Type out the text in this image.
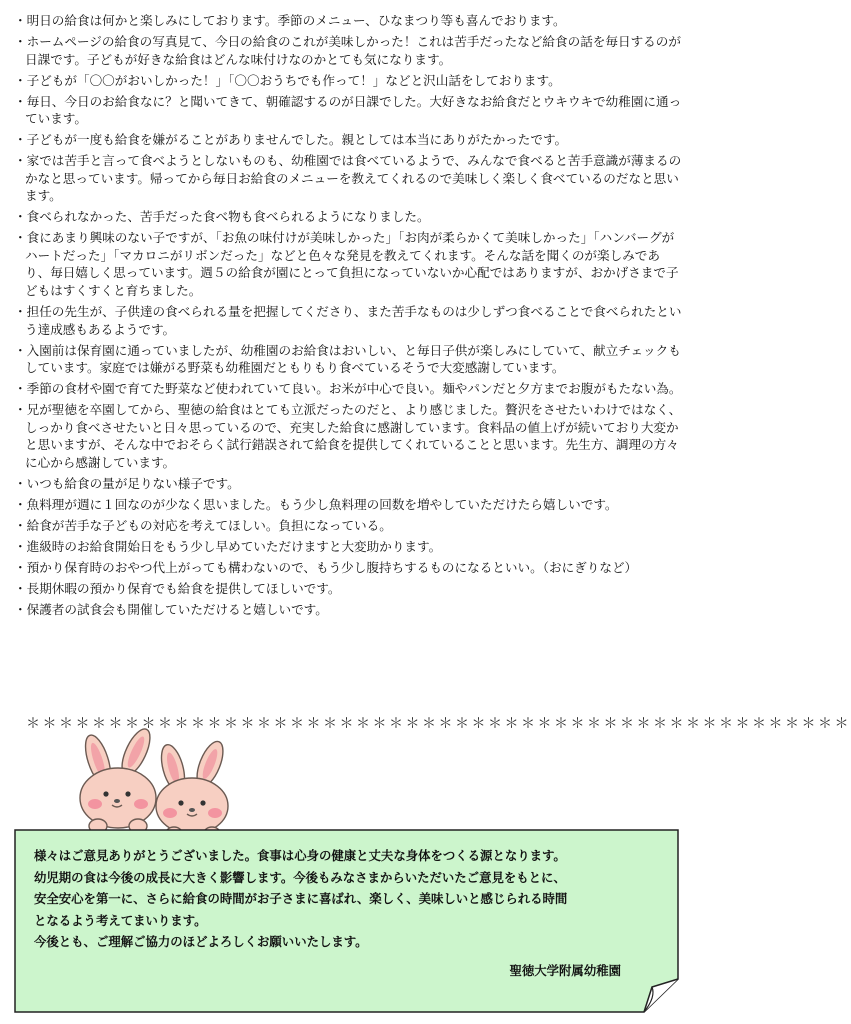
・明日の給食は何かと楽しみにしております。季節のメニュー、ひなまつり等も喜んでおります。

・ホームページの給食の写真見て、今日の給食のこれが美味しかった！これは苦手だったなど給食の話を毎日するのが日課です。子どもが好きな給食はどんな味付けなのかとても気になります。

・子どもが「〇〇がおいしかった！」「〇〇おうちでも作って！」などと沢山話をしております。

・毎日、今日のお給食なに？と聞いてきて、朝確認するのが日課でした。大好きなお給食だとウキウキで幼稚園に通っています。

・子どもが一度も給食を嫌がることがありませんでした。親としては本当にありがたかったです。

・家では苦手と言って食べようとしないものも、幼稚園では食べているようで、みんなで食べると苦手意識が薄まるのかなと思っています。帰ってから毎日お給食のメニューを教えてくれるので美味しく楽しく食べているのだなと思います。

・食べられなかった、苦手だった食べ物も食べられるようになりました。

・食にあまり興味のない子ですが、「お魚の味付けが美味しかった」「お肉が柔らかくて美味しかった」「ハンバーグがハートだった」「マカロニがリボンだった」などと色々な発見を教えてくれます。そんな話を聞くのが楽しみであり、毎日嬉しく思っています。週５の給食が園にとって負担になっていないか心配ではありますが、おかげさまで子どもはすくすくと育ちました。

・担任の先生が、子供達の食べられる量を把握してくださり、また苦手なものは少しずつ食べることで食べられたという達成感もあるようです。

・入園前は保育園に通っていましたが、幼稚園のお給食はおいしい、と毎日子供が楽しみにしていて、献立チェックもしています。家庭では嫌がる野菜も幼稚園だともりもり食べているそうで大変感謝しています。

・季節の食材や園で育てた野菜など使われていて良い。お米が中心で良い。麺やパンだと夕方までお腹がもたない為。

・兄が聖徳を卒園してから、聖徳の給食はとても立派だったのだと、より感じました。贅沢をさせたいわけではなく、しっかり食べさせたいと日々思っているので、充実した給食に感謝しています。食料品の値上げが続いており大変かと思いますが、そんな中でおそらく試行錯誤されて給食を提供してくれていることと思います。先生方、調理の方々に心から感謝しています。

・いつも給食の量が足りない様子です。

・魚料理が週に１回なのが少なく思いました。もう少し魚料理の回数を増やしていただけたら嬉しいです。

・給食が苦手な子どもの対応を考えてほしい。負担になっている。

・進級時のお給食開始日をもう少し早めていただけますと大変助かります。

・預かり保育時のおやつ代上がっても構わないので、もう少し腹持ちするものになるといい。（おにぎりなど）

・長期休暇の預かり保育でも給食を提供してほしいです。

・保護者の試食会も開催していただけると嬉しいです。

＊＊＊＊＊＊＊＊＊＊＊＊＊＊＊＊＊＊＊＊＊＊＊＊＊＊＊＊＊＊＊＊＊＊＊＊＊＊＊＊＊＊＊＊＊＊＊＊＊＊

様々はご意見ありがとうございました。食事は心身の健康と丈夫な身体をつくる源となります。

幼児期の食は今後の成長に大きく影響します。今後もみなさまからいただいたご意見をもとに、

安全安心を第一に、さらに給食の時間がお子さまに喜ばれ、楽しく、美味しいと感じられる時間

となるよう考えてまいります。

今後とも、ご理解ご協力のほどよろしくお願いいたします。

聖徳大学附属幼稚園
